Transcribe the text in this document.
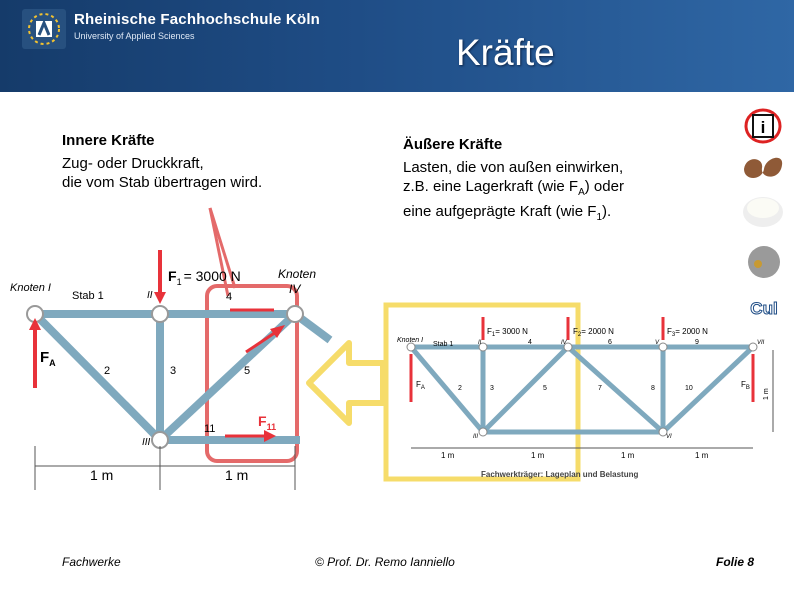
Rheinische Fachhochschule Köln
University of Applied Sciences	Kräfte
Innere Kräfte
Zug- oder Druckkraft,
die vom Stab übertragen wird.
Äußere Kräfte
Lasten, die von außen einwirken,
z.B. eine Lagerkraft (wie $F_A$) oder
eine aufgeprägte Kraft (wie $F_1$).
Knoten I
Stab 1
$F_1 = 3000$ N	Knoten
IV
II
III
4
2	3	5
11
$F_A$
$F_{11}$
1 m	1 m
Knoten I
Stab 1
$F_1= 3000$ N	$F_2= 2000$ N	$F_3= 2000$ N
$F_A$	$F_B$
2	3
4
5
6
7	8
9
10
II	IV	V	VII
III	VI
1 m	1 m	1 m	1 m
1 m
Fachwerkträger: Lageplan und Belastung
i
Cul
Fachwerke	© Prof. Dr. Remo Ianniello	Folie 8
